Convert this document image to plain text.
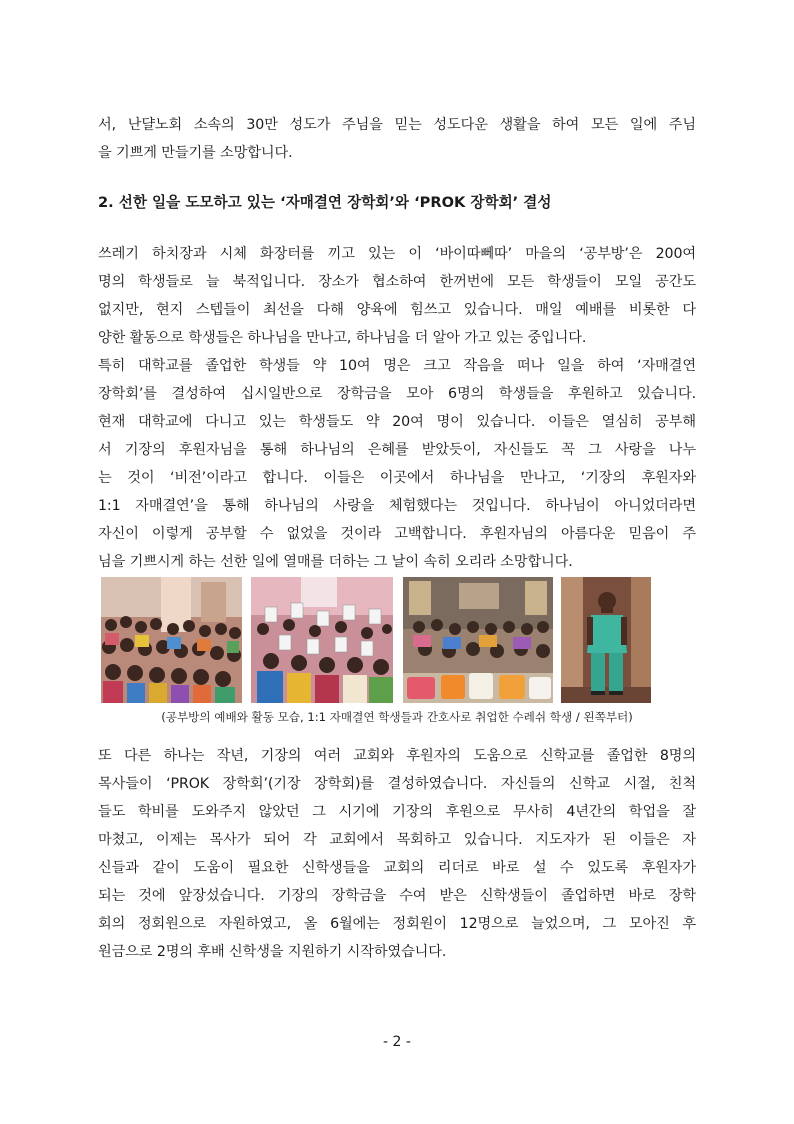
서, 난댤노회 소속의 30만 성도가 주님을 믿는 성도다운 생활을 하여 모든 일에 주님
을 기쁘게 만들기를 소망합니다.
2. 선한 일을 도모하고 있는 ‘자매결연 장학회’와 ‘PROK 장학회’ 결성
쓰레기 하치장과 시체 화장터를 끼고 있는 이 ‘바이따뻬따’ 마을의 ‘공부방’은 200여
명의 학생들로 늘 북적입니다. 장소가 협소하여 한꺼번에 모든 학생들이 모일 공간도
없지만, 현지 스텝들이 최선을 다해 양육에 힘쓰고 있습니다. 매일 예배를 비롯한 다
양한 활동으로 학생들은 하나님을 만나고, 하나님을 더 알아 가고 있는 중입니다.
특히 대학교를 졸업한 학생들 약 10여 명은 크고 작음을 떠나 일을 하여 ‘자매결연
장학회’를 결성하여 십시일반으로 장학금을 모아 6명의 학생들을 후원하고 있습니다.
현재 대학교에 다니고 있는 학생들도 약 20여 명이 있습니다. 이들은 열심히 공부해
서 기장의 후원자님을 통해 하나님의 은혜를 받았듯이, 자신들도 꼭 그 사랑을 나누
는 것이 ‘비전’이라고 합니다. 이들은 이곳에서 하나님을 만나고, ‘기장의 후원자와
1:1 자매결연’을 통해 하나님의 사랑을 체험했다는 것입니다. 하나님이 아니었더라면
자신이 이렇게 공부할 수 없었을 것이라 고백합니다. 후원자님의 아름다운 믿음이 주
님을 기쁘시게 하는 선한 일에 열매를 더하는 그 날이 속히 오리라 소망합니다.
(공부방의 예배와 활동 모습, 1:1 자매결연 학생들과 간호사로 취업한 수레쉬 학생 / 왼쪽부터)
또 다른 하나는 작년, 기장의 여러 교회와 후원자의 도움으로 신학교를 졸업한 8명의
목사들이 ‘PROK 장학회’(기장 장학회)를 결성하였습니다. 자신들의 신학교 시절, 친척
들도 학비를 도와주지 않았던 그 시기에 기장의 후원으로 무사히 4년간의 학업을 잘
마쳤고, 이제는 목사가 되어 각 교회에서 목회하고 있습니다. 지도자가 된 이들은 자
신들과 같이 도움이 필요한 신학생들을 교회의 리더로 바로 설 수 있도록 후원자가
되는 것에 앞장섰습니다. 기장의 장학금을 수여 받은 신학생들이 졸업하면 바로 장학
회의 정회원으로 자원하였고, 올 6월에는 정회원이 12명으로 늘었으며, 그 모아진 후
원금으로 2명의 후배 신학생을 지원하기 시작하였습니다.
- 2 -
